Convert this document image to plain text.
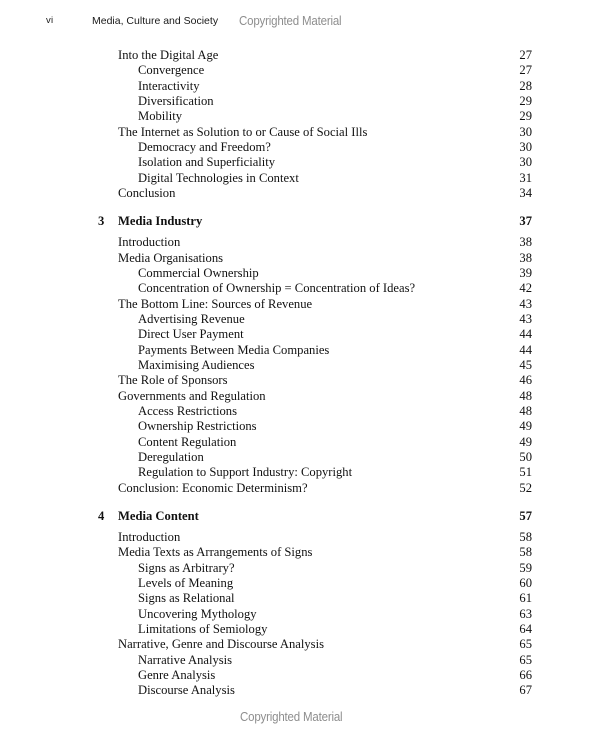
vi	Media, Culture and Society Copyrighted Material
Into the Digital Age	27
Convergence	27
Interactivity	28
Diversification	29
Mobility	29
The Internet as Solution to or Cause of Social Ills	30
Democracy and Freedom?	30
Isolation and Superficiality	30
Digital Technologies in Context	31
Conclusion	34
3 Media Industry	37
Introduction	38
Media Organisations	38
Commercial Ownership	39
Concentration of Ownership = Concentration of Ideas?	42
The Bottom Line: Sources of Revenue	43
Advertising Revenue	43
Direct User Payment	44
Payments Between Media Companies	44
Maximising Audiences	45
The Role of Sponsors	46
Governments and Regulation	48
Access Restrictions	48
Ownership Restrictions	49
Content Regulation	49
Deregulation	50
Regulation to Support Industry: Copyright	51
Conclusion: Economic Determinism?	52
4 Media Content	57
Introduction	58
Media Texts as Arrangements of Signs	58
Signs as Arbitrary?	59
Levels of Meaning	60
Signs as Relational	61
Uncovering Mythology	63
Limitations of Semiology	64
Narrative, Genre and Discourse Analysis	65
Narrative Analysis	65
Genre Analysis	66
Discourse Analysis	67
Copyrighted Material
